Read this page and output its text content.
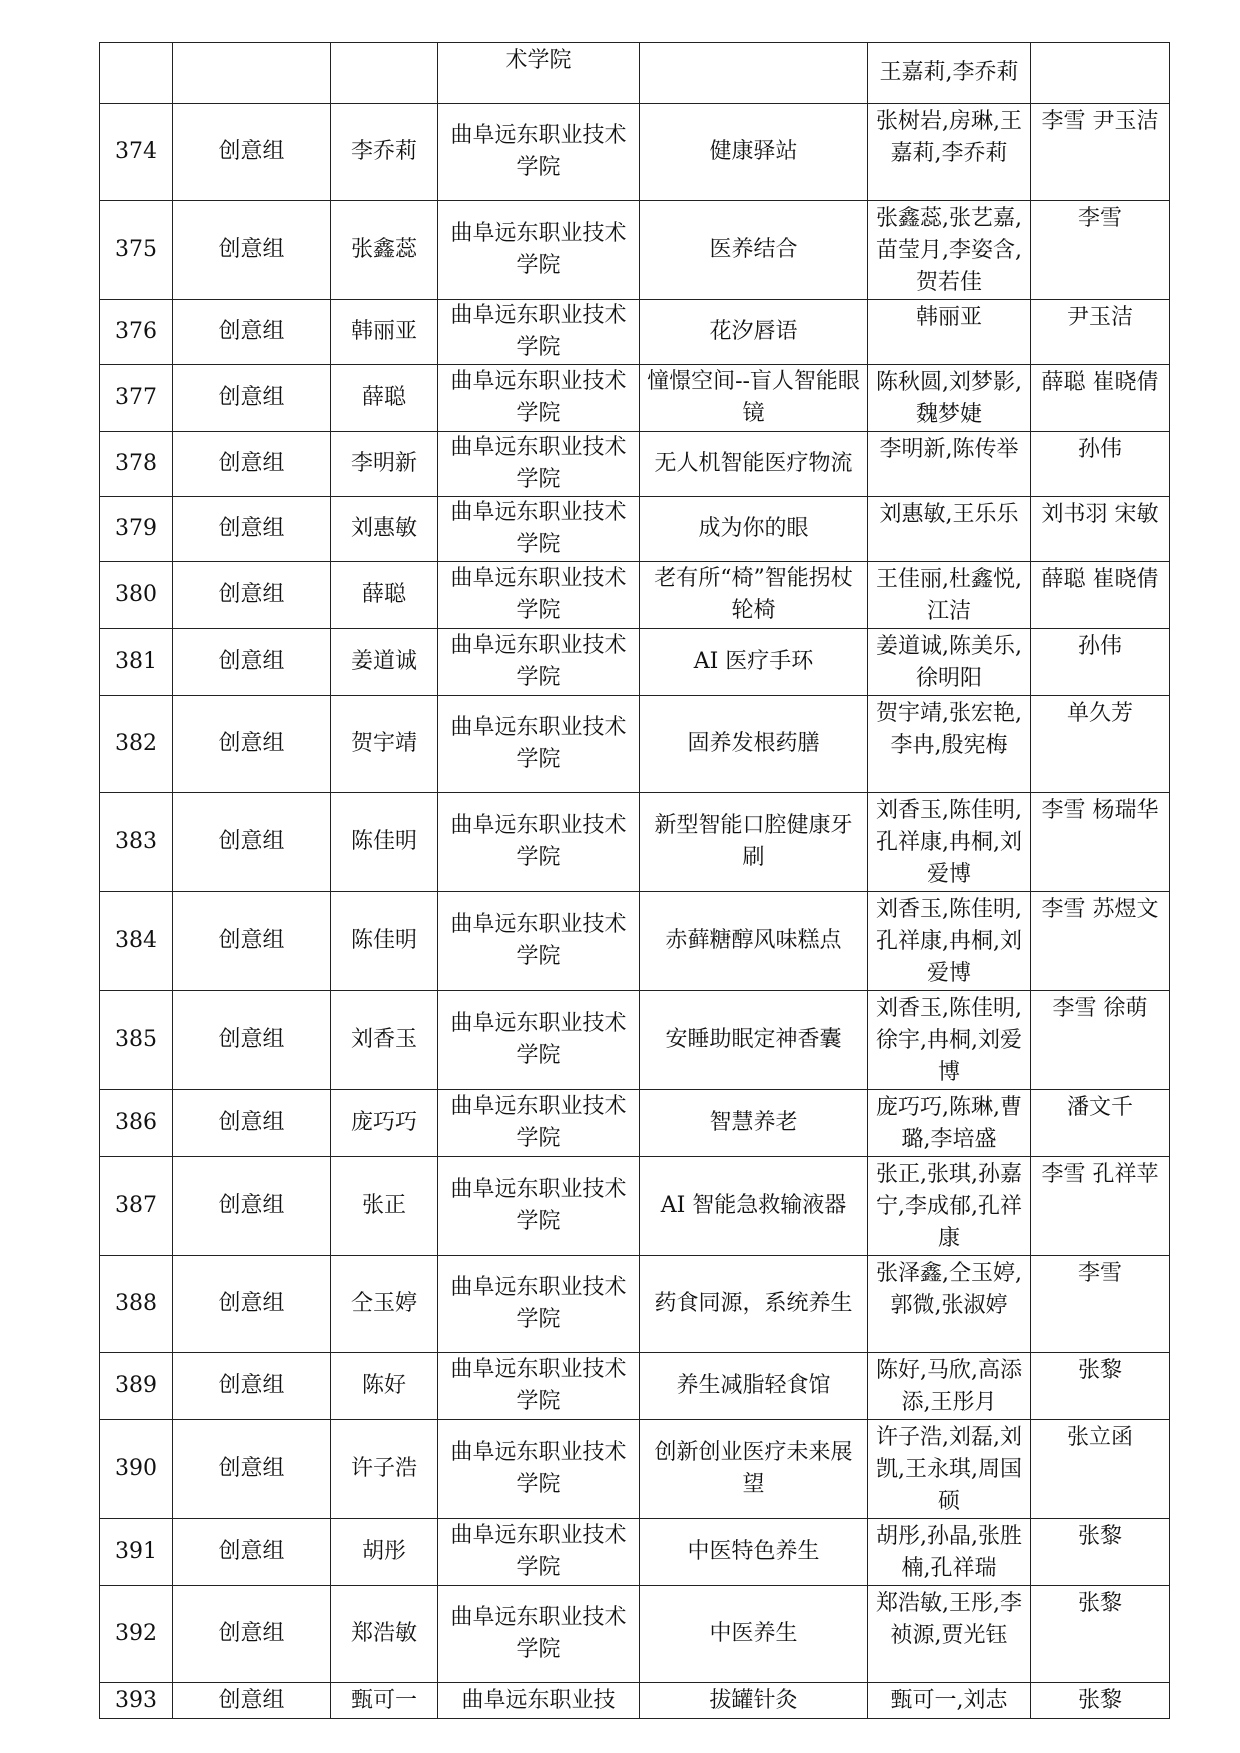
			术学院		王嘉莉,李乔莉	
374	创意组	李乔莉	曲阜远东职业技术学院	健康驿站	张树岩,房琳,王嘉莉,李乔莉	李雪 尹玉洁
375	创意组	张鑫蕊	曲阜远东职业技术学院	医养结合	张鑫蕊,张艺嘉,苗莹月,李姿含,贺若佳	李雪
376	创意组	韩丽亚	曲阜远东职业技术学院	花汐唇语	韩丽亚	尹玉洁
377	创意组	薛聪	曲阜远东职业技术学院	憧憬空间--盲人智能眼镜	陈秋圆,刘梦影,魏梦婕	薛聪 崔晓倩
378	创意组	李明新	曲阜远东职业技术学院	无人机智能医疗物流	李明新,陈传举	孙伟
379	创意组	刘惠敏	曲阜远东职业技术学院	成为你的眼	刘惠敏,王乐乐	刘书羽 宋敏
380	创意组	薛聪	曲阜远东职业技术学院	老有所“椅”智能拐杖轮椅	王佳丽,杜鑫悦,江洁	薛聪 崔晓倩
381	创意组	姜道诚	曲阜远东职业技术学院	AI 医疗手环	姜道诚,陈美乐,徐明阳	孙伟
382	创意组	贺宇靖	曲阜远东职业技术学院	固养发根药膳	贺宇靖,张宏艳,李冉,殷宪梅	单久芳
383	创意组	陈佳明	曲阜远东职业技术学院	新型智能口腔健康牙刷	刘香玉,陈佳明,孔祥康,冉桐,刘爱博	李雪 杨瑞华
384	创意组	陈佳明	曲阜远东职业技术学院	赤藓糖醇风味糕点	刘香玉,陈佳明,孔祥康,冉桐,刘爱博	李雪 苏煜文
385	创意组	刘香玉	曲阜远东职业技术学院	安睡助眠定神香囊	刘香玉,陈佳明,徐宇,冉桐,刘爱博	李雪 徐萌
386	创意组	庞巧巧	曲阜远东职业技术学院	智慧养老	庞巧巧,陈琳,曹璐,李培盛	潘文千
387	创意组	张正	曲阜远东职业技术学院	AI 智能急救输液器	张正,张琪,孙嘉宁,李成郁,孔祥康	李雪 孔祥苹
388	创意组	仝玉婷	曲阜远东职业技术学院	药食同源，系统养生	张泽鑫,仝玉婷,郭微,张淑婷	李雪
389	创意组	陈好	曲阜远东职业技术学院	养生减脂轻食馆	陈好,马欣,高添添,王彤月	张黎
390	创意组	许子浩	曲阜远东职业技术学院	创新创业医疗未来展望	许子浩,刘磊,刘凯,王永琪,周国硕	张立函
391	创意组	胡彤	曲阜远东职业技术学院	中医特色养生	胡彤,孙晶,张胜楠,孔祥瑞	张黎
392	创意组	郑浩敏	曲阜远东职业技术学院	中医养生	郑浩敏,王彤,李祯源,贾光钰	张黎
393	创意组	甄可一	曲阜远东职业技	拔罐针灸	甄可一,刘志	张黎
